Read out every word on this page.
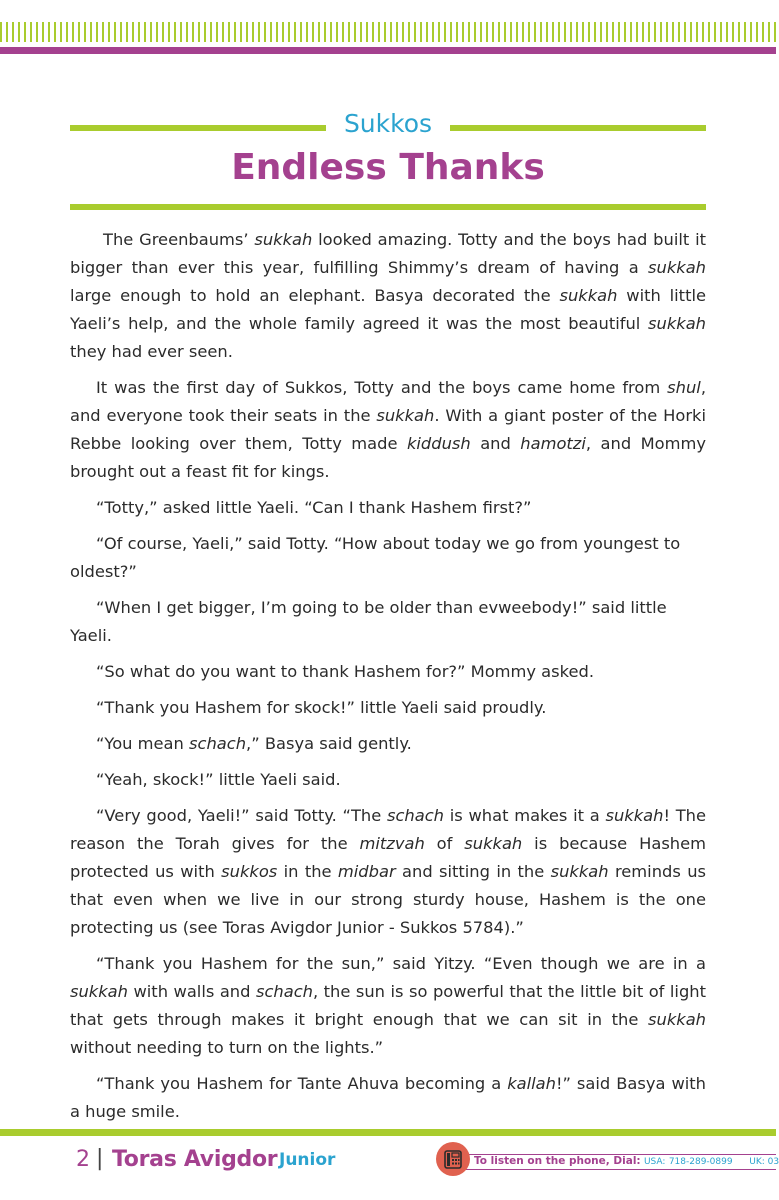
Sukkos
Endless Thanks

The Greenbaums’ sukkah looked amazing. Totty and the boys had built it bigger than ever this year, fulfilling Shimmy’s dream of having a sukkah large enough to hold an elephant. Basya decorated the sukkah with little Yaeli’s help, and the whole family agreed it was the most beautiful sukkah they had ever seen.

It was the first day of Sukkos, Totty and the boys came home from shul, and everyone took their seats in the sukkah. With a giant poster of the Horki Rebbe looking over them, Totty made kiddush and hamotzi, and Mommy brought out a feast fit for kings.

“Totty,” asked little Yaeli. “Can I thank Hashem first?”

“Of course, Yaeli,” said Totty. “How about today we go from youngest to oldest?”

“When I get bigger, I’m going to be older than evweebody!” said little Yaeli.

“So what do you want to thank Hashem for?” Mommy asked.

“Thank you Hashem for skock!” little Yaeli said proudly.

“You mean schach,” Basya said gently.

“Yeah, skock!” little Yaeli said.

“Very good, Yaeli!” said Totty. “The schach is what makes it a sukkah! The reason the Torah gives for the mitzvah of sukkah is because Hashem protected us with sukkos in the midbar and sitting in the sukkah reminds us that even when we live in our strong sturdy house, Hashem is the one protecting us (see Toras Avigdor Junior - Sukkos 5784).”

“Thank you Hashem for the sun,” said Yitzy. “Even though we are in a sukkah with walls and schach, the sun is so powerful that the little bit of light that gets through makes it bright enough that we can sit in the sukkah without needing to turn on the lights.”

“Thank you Hashem for Tante Ahuva becoming a kallah!” said Basya with a huge smile.

2 | Toras Avigdor Junior	To listen on the phone, Dial: USA: 718-289-0899 UK: 03
